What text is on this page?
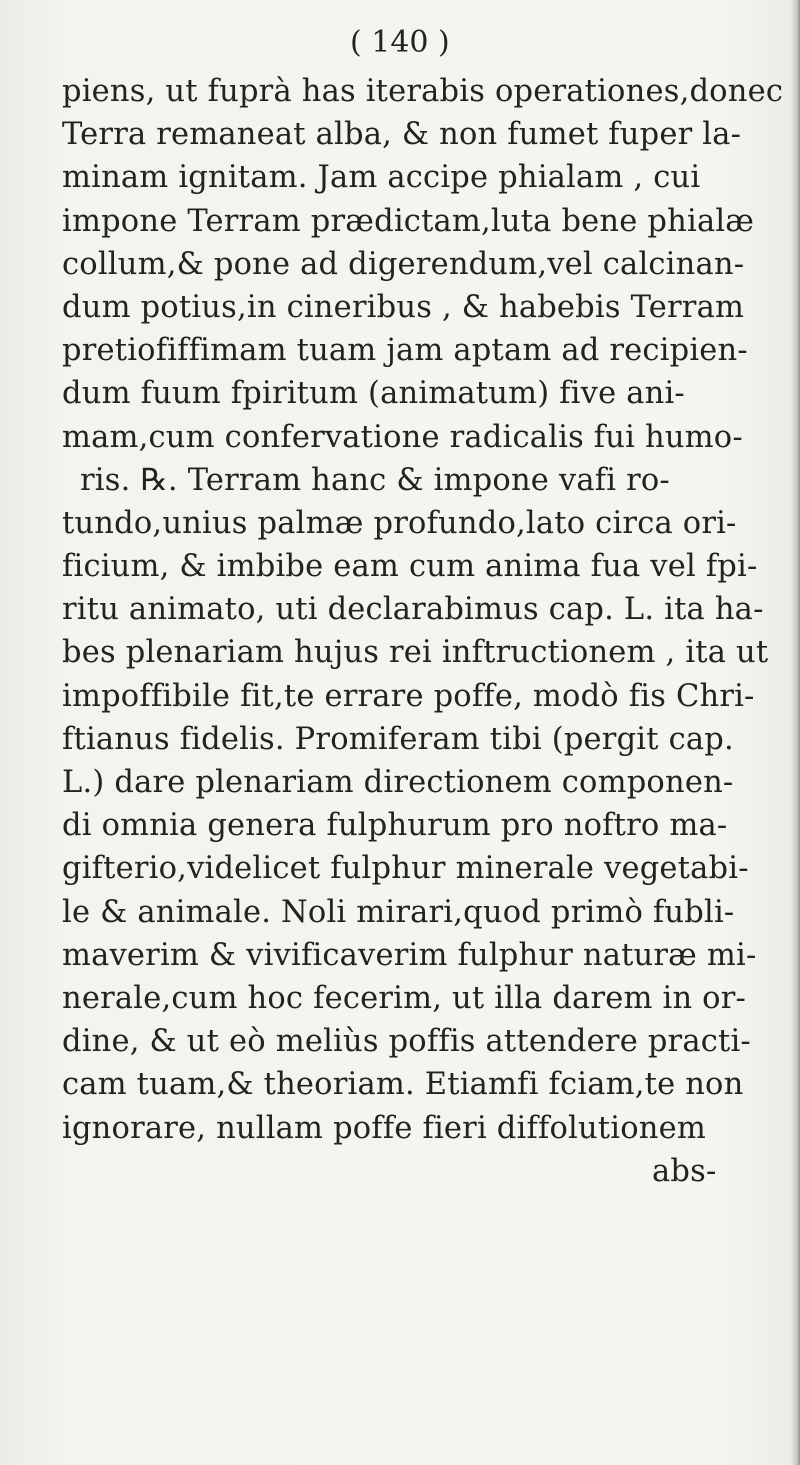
( 140 )
piens, ut fuprà has iterabis operationes,donec
Terra remaneat alba, & non fumet fuper la-
minam ignitam. Jam accipe phialam , cui
impone Terram prædictam,luta bene phialæ
collum,& pone ad digerendum,vel calcinan-
dum potius,in cineribus , & habebis Terram
pretiofiffimam tuam jam aptam ad recipien-
dum fuum fpiritum (animatum) five ani-
mam,cum confervatione radicalis fui humo-
ris. ℞. Terram hanc & impone vafi ro-
tundo,unius palmæ profundo,lato circa ori-
ficium, & imbibe eam cum anima fua vel fpi-
ritu animato, uti declarabimus cap. L. ita ha-
bes plenariam hujus rei inftructionem , ita ut
impoffibile fit,te errare poffe, modò fis Chri-
ftianus fidelis. Promiferam tibi (pergit cap.
L.) dare plenariam directionem componen-
di omnia genera fulphurum pro noftro ma-
gifterio,videlicet fulphur minerale vegetabi-
le & animale. Noli mirari,quod primò fubli-
maverim & vivificaverim fulphur naturæ mi-
nerale,cum hoc fecerim, ut illa darem in or-
dine, & ut eò meliùs poffis attendere practi-
cam tuam,& theoriam. Etiamfi fciam,te non
ignorare, nullam poffe fieri diffolutionem
abs-
